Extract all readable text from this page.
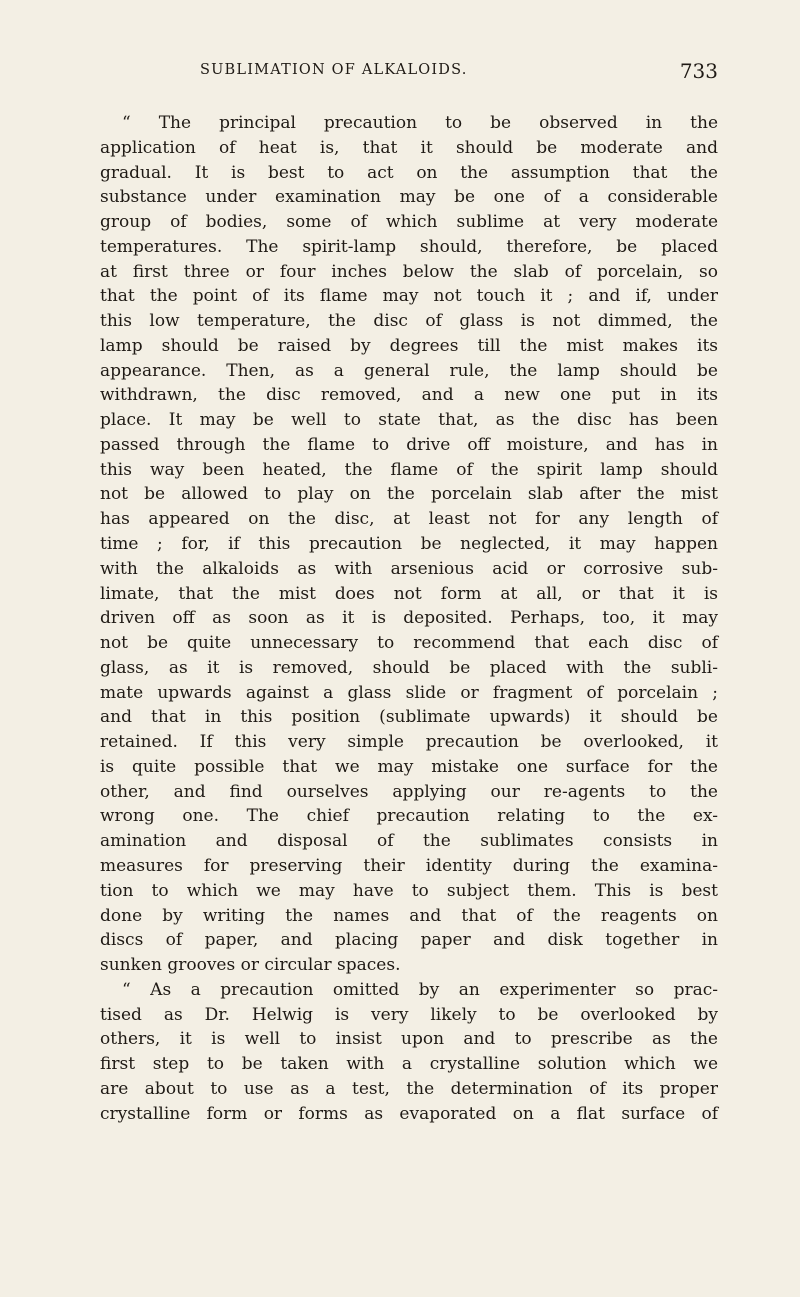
SUBLIMATION OF ALKALOIDS.	733
“ The principal precaution to be observed in the
application of heat is, that it should be moderate and
gradual. It is best to act on the assumption that the
substance under examination may be one of a considerable
group of bodies, some of which sublime at very moderate
temperatures. The spirit-lamp should, therefore, be placed
at first three or four inches below the slab of porcelain, so
that the point of its flame may not touch it ; and if, under
this low temperature, the disc of glass is not dimmed, the
lamp should be raised by degrees till the mist makes its
appearance. Then, as a general rule, the lamp should be
withdrawn, the disc removed, and a new one put in its
place. It may be well to state that, as the disc has been
passed through the flame to drive off moisture, and has in
this way been heated, the flame of the spirit lamp should
not be allowed to play on the porcelain slab after the mist
has appeared on the disc, at least not for any length of
time ; for, if this precaution be neglected, it may happen
with the alkaloids as with arsenious acid or corrosive sub-
limate, that the mist does not form at all, or that it is
driven off as soon as it is deposited. Perhaps, too, it may
not be quite unnecessary to recommend that each disc of
glass, as it is removed, should be placed with the subli-
mate upwards against a glass slide or fragment of porcelain ;
and that in this position (sublimate upwards) it should be
retained. If this very simple precaution be overlooked, it
is quite possible that we may mistake one surface for the
other, and find ourselves applying our re-agents to the
wrong one. The chief precaution relating to the ex-
amination and disposal of the sublimates consists in
measures for preserving their identity during the examina-
tion to which we may have to subject them. This is best
done by writing the names and that of the reagents on
discs of paper, and placing paper and disk together in
sunken grooves or circular spaces.
“ As a precaution omitted by an experimenter so prac-
tised as Dr. Helwig is very likely to be overlooked by
others, it is well to insist upon and to prescribe as the
first step to be taken with a crystalline solution which we
are about to use as a test, the determination of its proper
crystalline form or forms as evaporated on a flat surface of
